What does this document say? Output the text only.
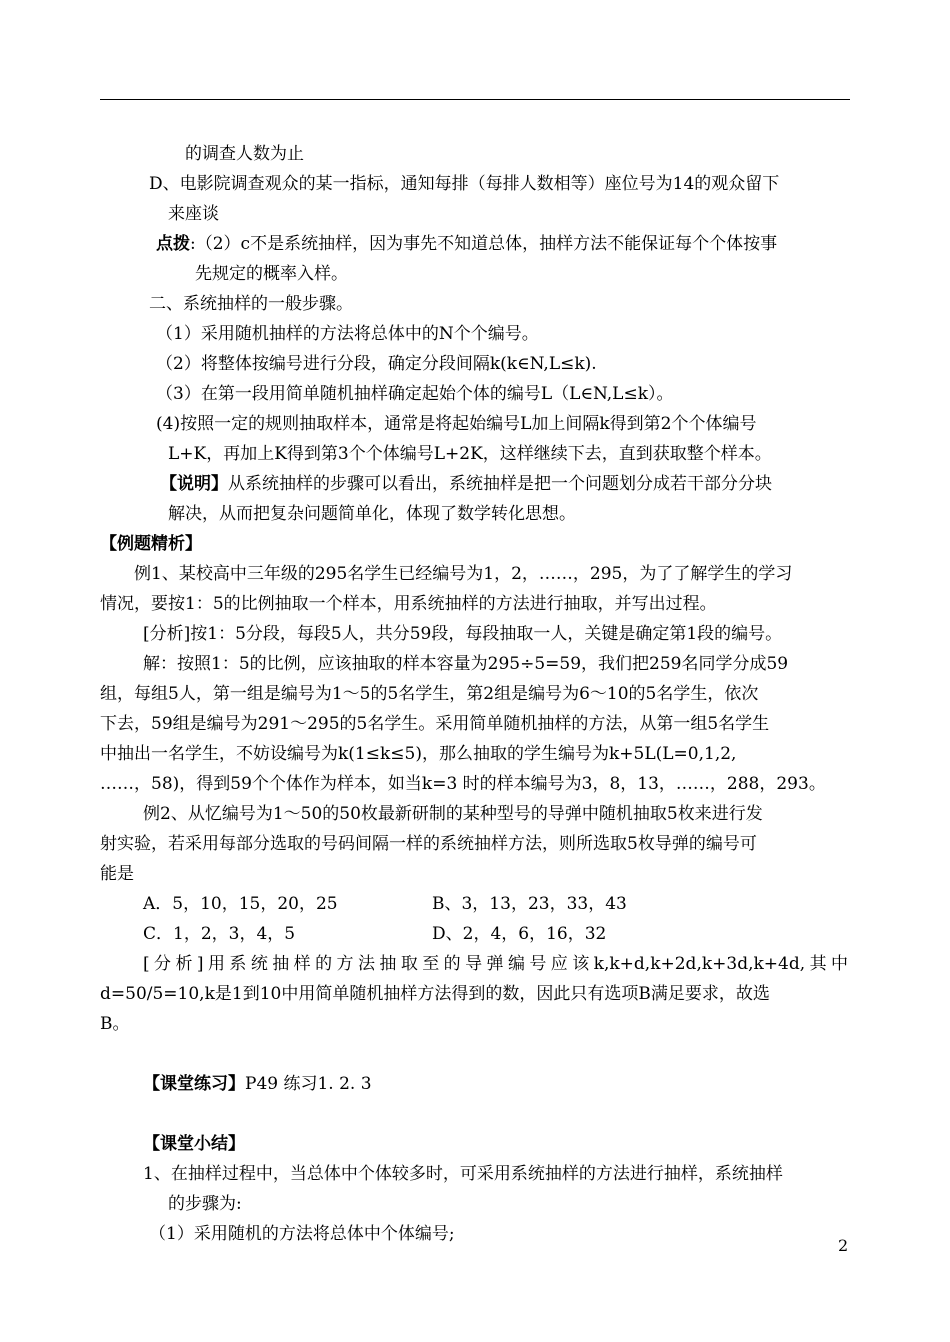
的调查人数为止
D、电影院调查观众的某一指标，通知每排（每排人数相等）座位号为14的观众留下
来座谈
点拨:（2）c不是系统抽样，因为事先不知道总体，抽样方法不能保证每个个体按事
先规定的概率入样。
二、系统抽样的一般步骤。
（1）采用随机抽样的方法将总体中的N个个编号。
（2）将整体按编号进行分段，确定分段间隔k(k∈N,L≤k).
（3）在第一段用简单随机抽样确定起始个体的编号L（L∈N,L≤k）。
(4)按照一定的规则抽取样本，通常是将起始编号L加上间隔k得到第2个个体编号
L+K，再加上K得到第3个个体编号L+2K，这样继续下去，直到获取整个样本。
【说明】从系统抽样的步骤可以看出，系统抽样是把一个问题划分成若干部分分块
解决，从而把复杂问题简单化，体现了数学转化思想。
【例题精析】
例1、某校高中三年级的295名学生已经编号为1，2，……，295，为了了解学生的学习
情况，要按1：5的比例抽取一个样本，用系统抽样的方法进行抽取，并写出过程。
[分析]按1：5分段，每段5人，共分59段，每段抽取一人，关键是确定第1段的编号。
解：按照1：5的比例，应该抽取的样本容量为295÷5=59，我们把259名同学分成59
组，每组5人，第一组是编号为1～5的5名学生，第2组是编号为6～10的5名学生，依次
下去，59组是编号为291～295的5名学生。采用简单随机抽样的方法，从第一组5名学生
中抽出一名学生，不妨设编号为k(1≤k≤5)，那么抽取的学生编号为k+5L(L=0,1,2,
……，58)，得到59个个体作为样本，如当k=3 时的样本编号为3，8，13，……，288，293。
例2、从忆编号为1～50的50枚最新研制的某种型号的导弹中随机抽取5枚来进行发
射实验，若采用每部分选取的号码间隔一样的系统抽样方法，则所选取5枚导弹的编号可
能是
A．5，10，15，20，25	B、3，13，23，33，43
C．1，2，3，4，5	D、2，4，6，16，32
[分析]用系统抽样的方法抽取至的导弹编号应该k,k+d,k+2d,k+3d,k+4d,其中
d=50/5=10,k是1到10中用简单随机抽样方法得到的数，因此只有选项B满足要求，故选
B。
【课堂练习】P49 练习1. 2. 3
【课堂小结】
1、在抽样过程中，当总体中个体较多时，可采用系统抽样的方法进行抽样，系统抽样
的步骤为:
（1）采用随机的方法将总体中个体编号;
2
